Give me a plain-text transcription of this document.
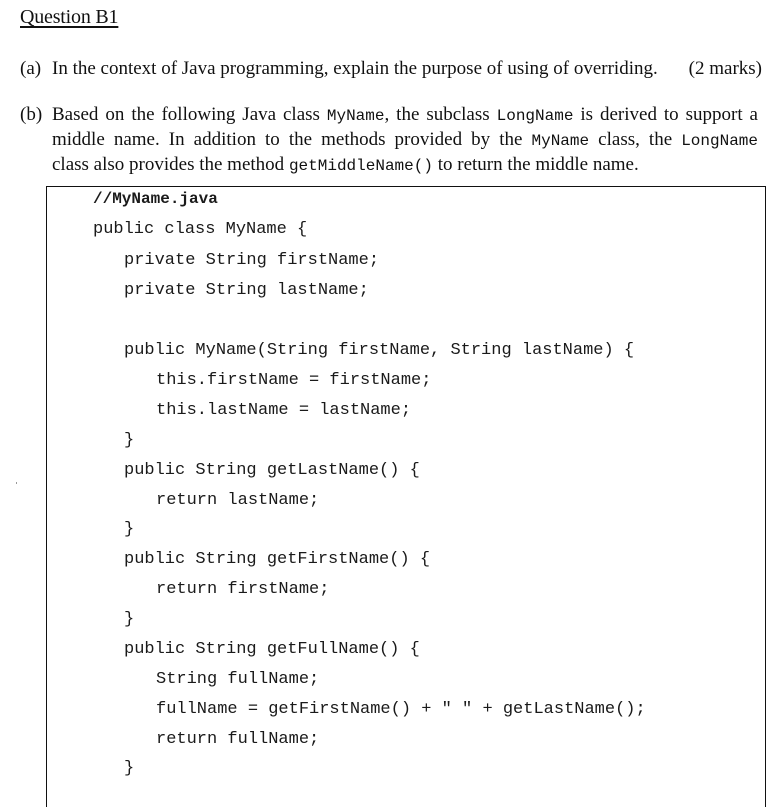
Question B1
(a) In the context of Java programming, explain the purpose of using of overriding. (2 marks)
(b) Based on the following Java class MyName, the subclass LongName is derived to support a
middle name. In addition to the methods provided by the MyName class, the LongName
class also provides the method getMiddleName() to return the middle name.
//MyName.java
public class MyName {
private String firstName;
private String lastName;
public MyName(String firstName, String lastName) {
this.firstName = firstName;
this.lastName = lastName;
}
public String getLastName() {
return lastName;
}
public String getFirstName() {
return firstName;
}
public String getFullName() {
String fullName;
fullName = getFirstName() + " " + getLastName();
return fullName;
}
